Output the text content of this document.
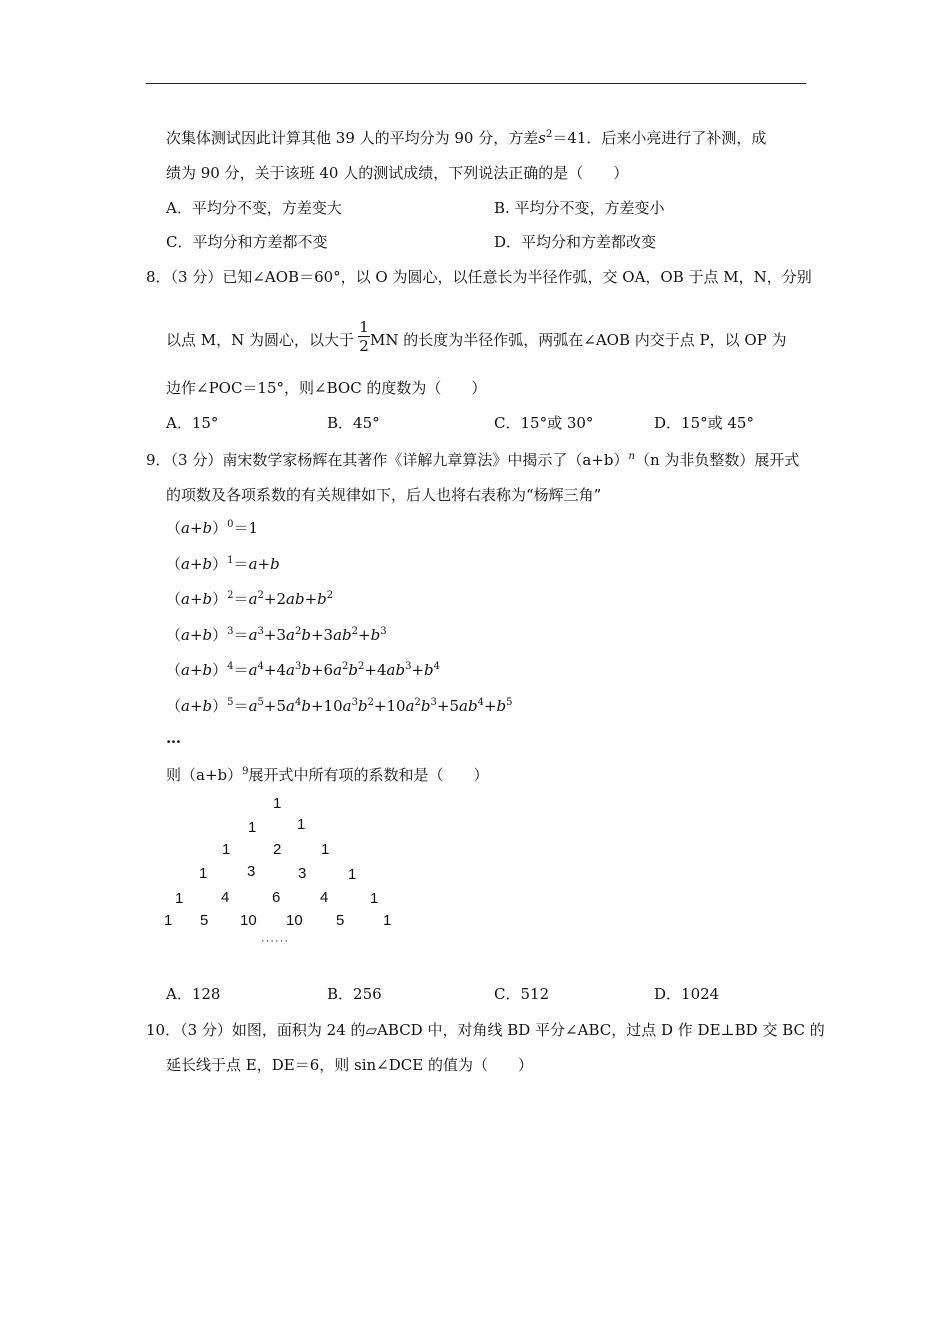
次集体测试因此计算其他 39 人的平均分为 90 分，方差$s^2=41$．后来小亮进行了补测，成
绩为 90 分，关于该班 40 人的测试成绩，下列说法正确的是（　　）
A．平均分不变，方差变大	B. 平均分不变，方差变小
C．平均分和方差都不变	D．平均分和方差都改变
8．（3 分）已知∠AOB＝60°，以 O 为圆心，以任意长为半径作弧，交 OA，OB 于点 M，N，分别
以点 M，N 为圆心，以大于 MN 的长度为半径作弧，两弧在∠AOB 内交于点 P，以 OP 为
1
2
边作∠POC＝15°，则∠BOC 的度数为（　　）
A．15°	B．45°	C．15°或 30°	D．15°或 45°
9．（3 分）南宋数学家杨辉在其著作《详解九章算法》中揭示了$(a+b)^n(n$ 为非负整数）展开式
的项数及各项系数的有关规律如下，后人也将右表称为“杨辉三角”
$(a+b)^0=1$
$(a+b)^1=a+b$
$(a+b)^2=a^2+2ab+b^2$
$(a+b)^3=a^3+3a^2b+3ab^2+b^3$
$(a+b)^4=a^4+4a^3b+6a^2b^2+4ab^3+b^4$
$(a+b)^5=a^5+5a^4b+10a^3b^2+10a^2b^3+5ab^4+b^5$
…
则$(a+b)^9$展开式中所有项的系数和是（　　）
1
1	1
1	2	1
1	3	3	1
1	4	6	4	1
1 5 10 10 5	1
······
A．128	B．256	C．512	D．1024
10．（3 分）如图，面积为 24 的▱ABCD 中，对角线 BD 平分∠ABC，过点 D 作 DE⊥BD 交 BC 的
延长线于点 E，DE＝6，则 sin∠DCE 的值为（　　）
